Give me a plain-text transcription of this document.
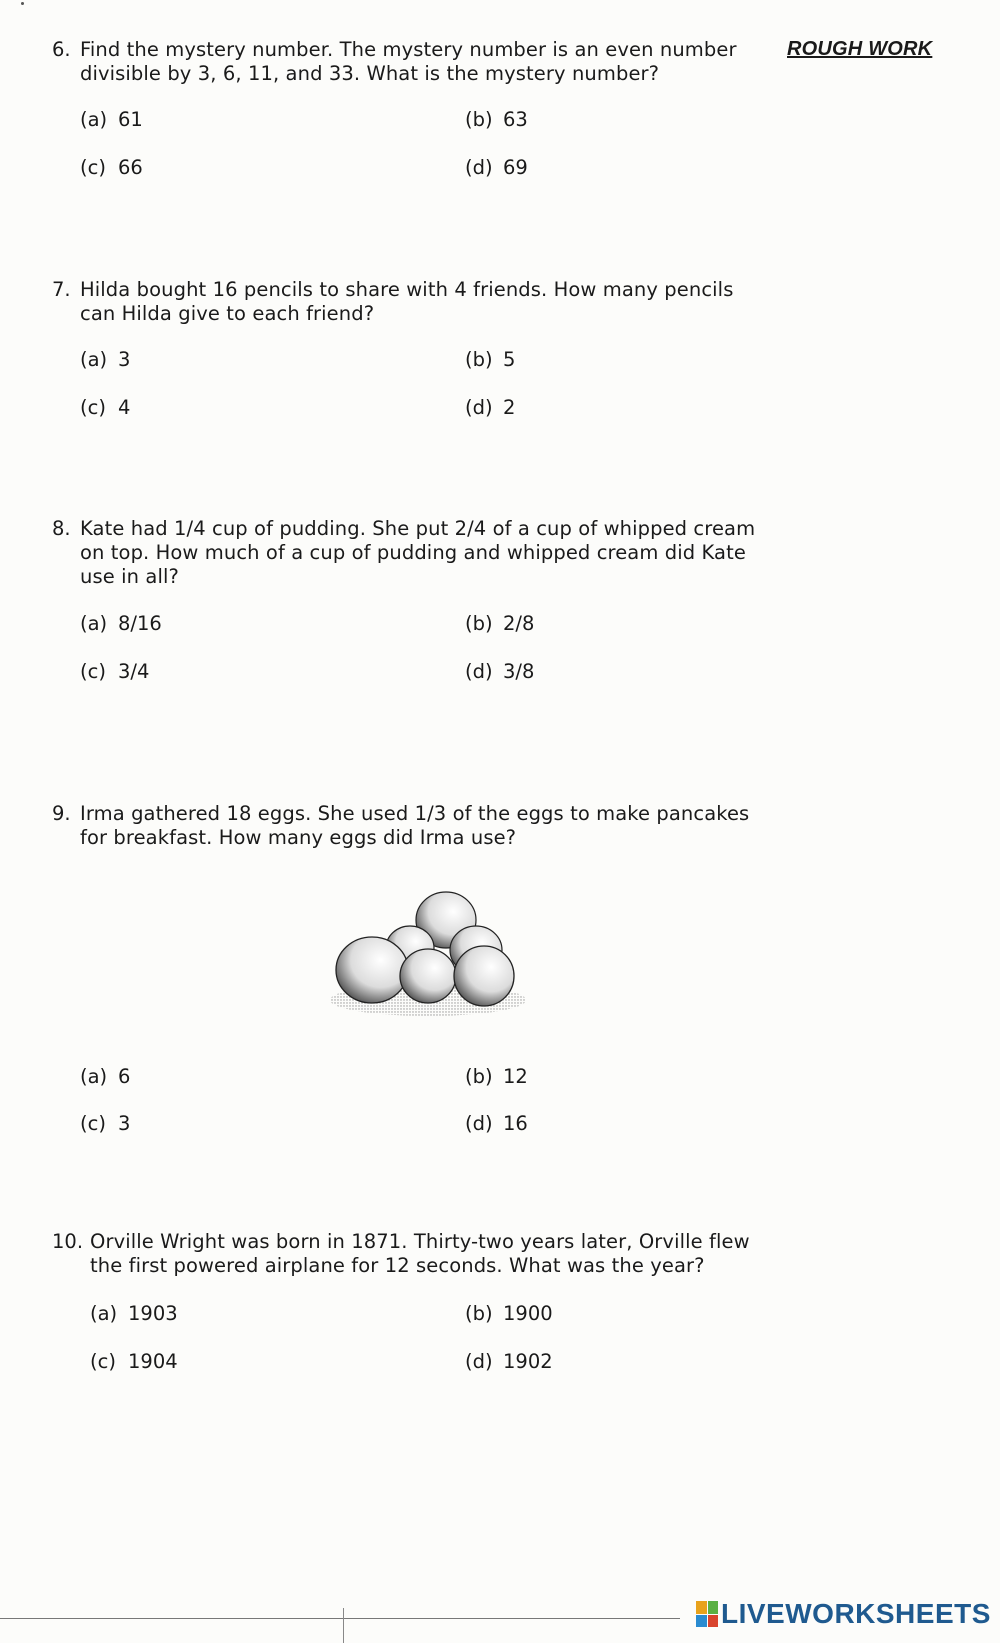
ROUGH WORK
6. Find the mystery number. The mystery number is an even number divisible by 3, 6, 11, and 33. What is the mystery number?
(a) 61	(b) 63
(c) 66	(d) 69
7. Hilda bought 16 pencils to share with 4 friends. How many pencils can Hilda give to each friend?
(a) 3	(b) 5
(c) 4	(d) 2
8. Kate had 1/4 cup of pudding. She put 2/4 of a cup of whipped cream on top. How much of a cup of pudding and whipped cream did Kate use in all?
(a) 8/16	(b) 2/8
(c) 3/4	(d) 3/8
9. Irma gathered 18 eggs. She used 1/3 of the eggs to make pancakes for breakfast. How many eggs did Irma use?
(a) 6	(b) 12
(c) 3	(d) 16
10. Orville Wright was born in 1871. Thirty-two years later, Orville flew the first powered airplane for 12 seconds. What was the year?
(a) 1903	(b) 1900
(c) 1904	(d) 1902
LIVEWORKSHEETS
